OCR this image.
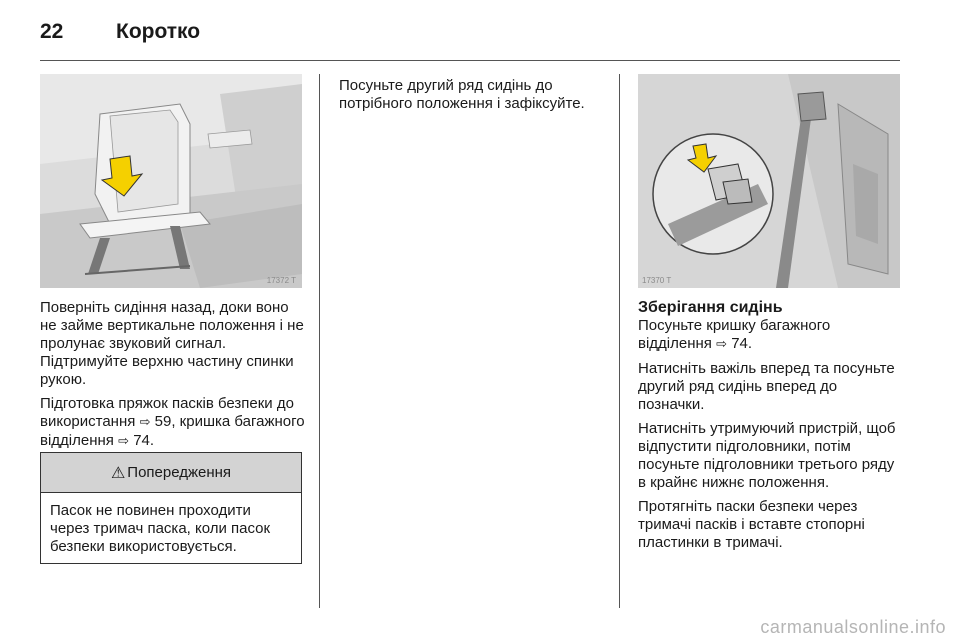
22	Коротко
17372 T	17370 T

Поверніть сидіння назад, доки воно не займе вертикальне положення і не пролунає звуковий сигнал. Підтримуйте верхню частину спинки рукою.

Підготовка пряжок пасків безпеки до використання ⇨ 59, кришка багажного відділення ⇨ 74.

⚠ Попередження
Пасок не повинен проходити через тримач паска, коли пасок безпеки використовується.

Посуньте другий ряд сидінь до потрібного положення і зафіксуйте.

Зберігання сидінь

Посуньте кришку багажного відділення ⇨ 74.

Натисніть важіль вперед та посуньте другий ряд сидінь вперед до позначки.

Натисніть утримуючий пристрій, щоб відпустити підголовники, потім посуньте підголовники третього ряду в крайнє нижнє положення.

Протягніть паски безпеки через тримачі пасків і вставте стопорні пластинки в тримачі.

carmanualsonline.info
